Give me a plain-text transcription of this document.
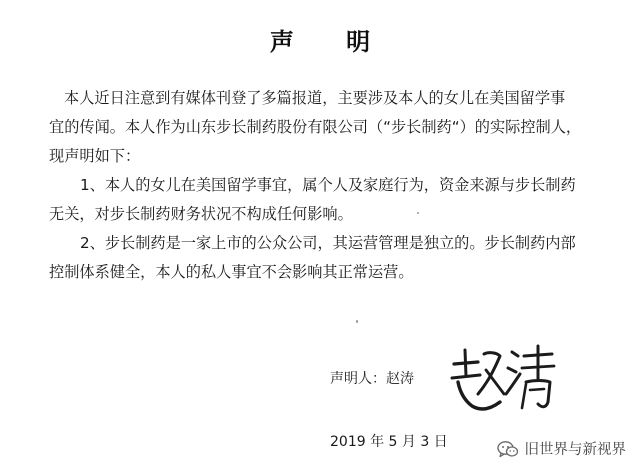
声 明
本人近日注意到有媒体刊登了多篇报道，主要涉及本人的女儿在美国留学事
宜的传闻。本人作为山东步长制药股份有限公司（“步长制药“）的实际控制人，
现声明如下：
1、本人的女儿在美国留学事宜，属个人及家庭行为，资金来源与步长制药
无关，对步长制药财务状况不构成任何影响。
2、步长制药是一家上市的公众公司，其运营管理是独立的。步长制药内部
控制体系健全，本人的私人事宜不会影响其正常运营。
声明人：赵涛
2019 年 5 月 3 日	旧世界与新视界
